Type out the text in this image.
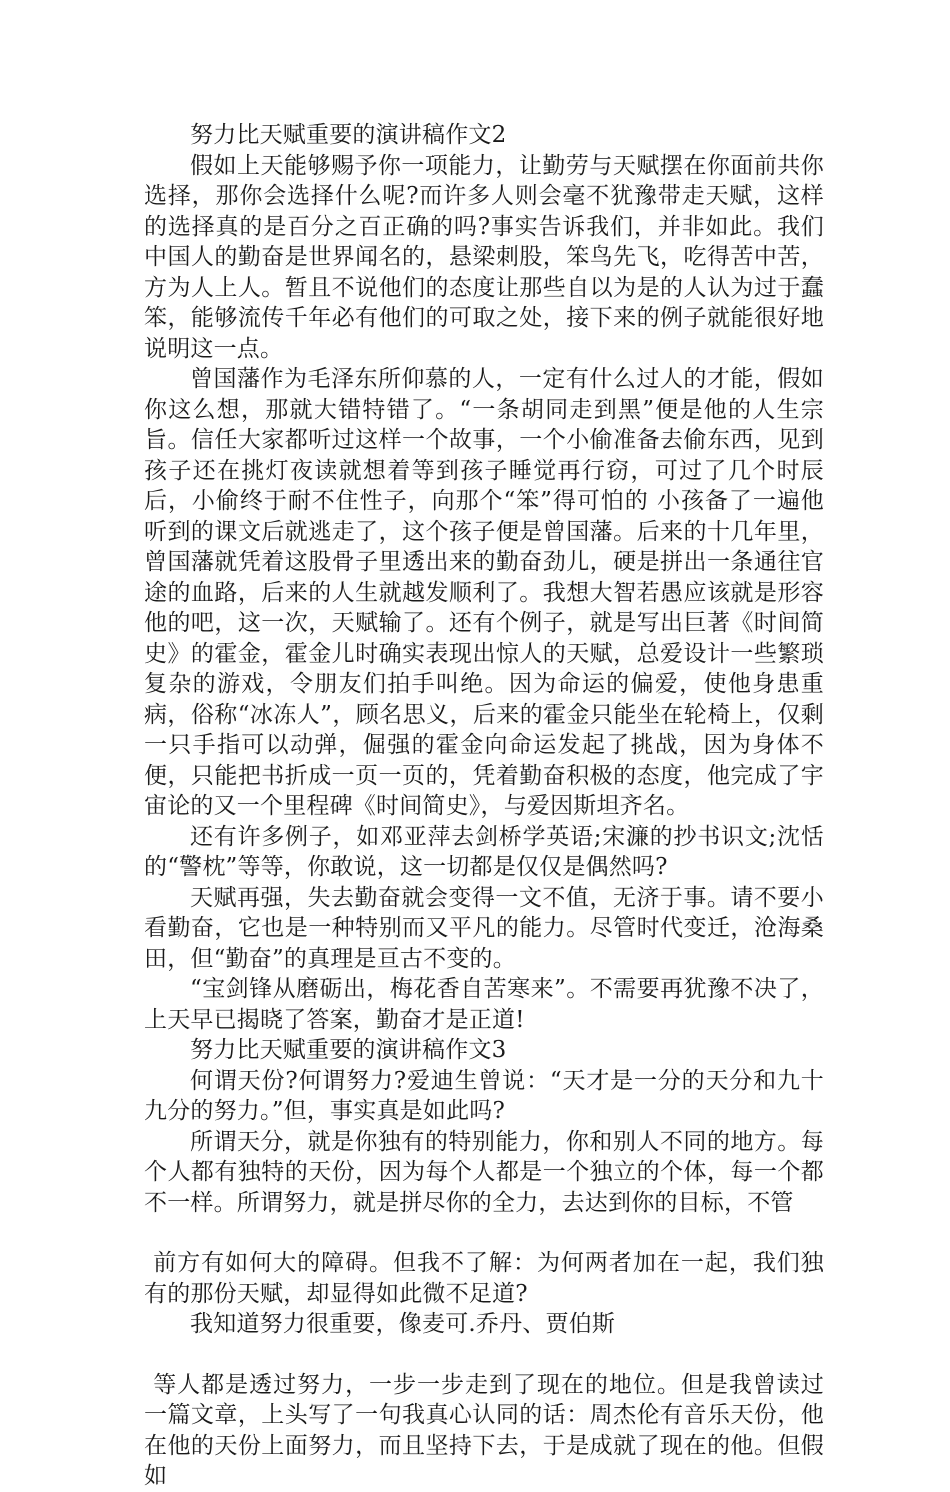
努力比天赋重要的演讲稿作文2

假如上天能够赐予你一项能力，让勤劳与天赋摆在你面前共你选择，那你会选择什么呢?而许多人则会毫不犹豫带走天赋，这样的选择真的是百分之百正确的吗?事实告诉我们，并非如此。我们中国人的勤奋是世界闻名的，悬梁刺股，笨鸟先飞，吃得苦中苦，方为人上人。暂且不说他们的态度让那些自以为是的人认为过于蠢笨，能够流传千年必有他们的可取之处，接下来的例子就能很好地说明这一点。

曾国藩作为毛泽东所仰慕的人，一定有什么过人的才能，假如你这么想，那就大错特错了。“一条胡同走到黑”便是他的人生宗旨。信任大家都听过这样一个故事，一个小偷准备去偷东西，见到孩子还在挑灯夜读就想着等到孩子睡觉再行窃，可过了几个时辰后，小偷终于耐不住性子，向那个“笨”得可怕的 小孩备了一遍他听到的课文后就逃走了，这个孩子便是曾国藩。后来的十几年里，曾国藩就凭着这股骨子里透出来的勤奋劲儿，硬是拼出一条通往官途的血路，后来的人生就越发顺利了。我想大智若愚应该就是形容他的吧，这一次，天赋输了。还有个例子，就是写出巨著《时间简史》的霍金，霍金儿时确实表现出惊人的天赋，总爱设计一些繁琐复杂的游戏，令朋友们拍手叫绝。因为命运的偏爱，使他身患重病，俗称“冰冻人”，顾名思义，后来的霍金只能坐在轮椅上，仅剩一只手指可以动弹，倔强的霍金向命运发起了挑战，因为身体不便，只能把书折成一页一页的，凭着勤奋积极的态度，他完成了宇宙论的又一个里程碑《时间简史》，与爱因斯坦齐名。

还有许多例子，如邓亚萍去剑桥学英语;宋濂的抄书识文;沈恬的“警枕”等等，你敢说，这一切都是仅仅是偶然吗?

天赋再强，失去勤奋就会变得一文不值，无济于事。请不要小看勤奋，它也是一种特别而又平凡的能力。尽管时代变迁，沧海桑田，但“勤奋”的真理是亘古不变的。

“宝剑锋从磨砺出，梅花香自苦寒来”。不需要再犹豫不决了，上天早已揭晓了答案，勤奋才是正道!

努力比天赋重要的演讲稿作文3

何谓天份?何谓努力?爱迪生曾说：“天才是一分的天分和九十九分的努力。”但，事实真是如此吗?

所谓天分，就是你独有的特别能力，你和别人不同的地方。每个人都有独特的天份，因为每个人都是一个独立的个体，每一个都不一样。所谓努力，就是拼尽你的全力，去达到你的目标，不管

前方有如何大的障碍。但我不了解：为何两者加在一起，我们独有的那份天赋，却显得如此微不足道?

我知道努力很重要，像麦可.乔丹、贾伯斯

等人都是透过努力，一步一步走到了现在的地位。但是我曾读过一篇文章，上头写了一句我真心认同的话：周杰伦有音乐天份，他在他的天份上面努力，而且坚持下去，于是成就了现在的他。但假如
